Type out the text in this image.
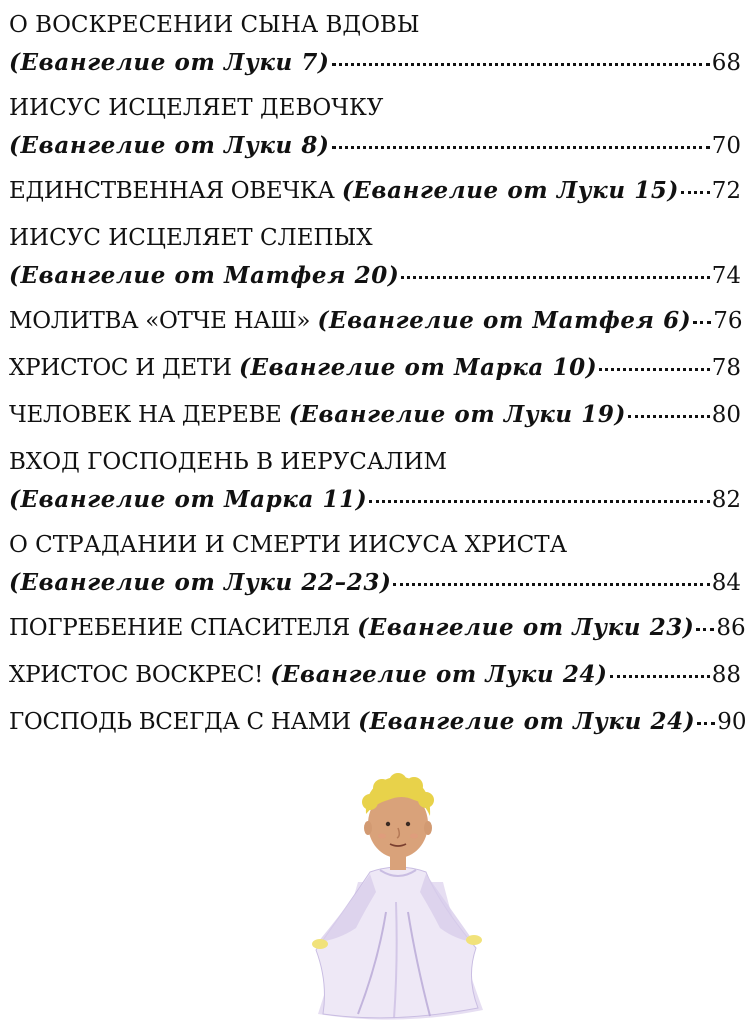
О ВОСКРЕСЕНИИ СЫНА ВДОВЫ
(Евангелие от Луки 7)	68
ИИСУС ИСЦЕЛЯЕТ ДЕВОЧКУ
(Евангелие от Луки 8)	70
ЕДИНСТВЕННАЯ ОВЕЧКА
(Евангелие от Луки 15) 72
ИИСУС ИСЦЕЛЯЕТ СЛЕПЫХ
(Евангелие от Матфея 20)	74
МОЛИТВА «ОТЧЕ НАШ»
(Евангелие от Матфея 6) 76
ХРИСТОС И ДЕТИ
(Евангелие от Марка 10)	78
ЧЕЛОВЕК НА ДЕРЕВЕ
(Евангелие от Луки 19)	80
ВХОД ГОСПОДЕНЬ В ИЕРУСАЛИМ
(Евангелие от Марка 11)	82
О СТРАДАНИИ И СМЕРТИ ИИСУСА ХРИСТА
(Евангелие от Луки 22–23)	84
ПОГРЕБЕНИЕ СПАСИТЕЛЯ
(Евангелие от Луки 23) 86
ХРИСТОС ВОСКРЕС!
(Евангелие от Луки 24)	88
ГОСПОДЬ ВСЕГДА С НАМИ
(Евангелие от Луки 24) 90
